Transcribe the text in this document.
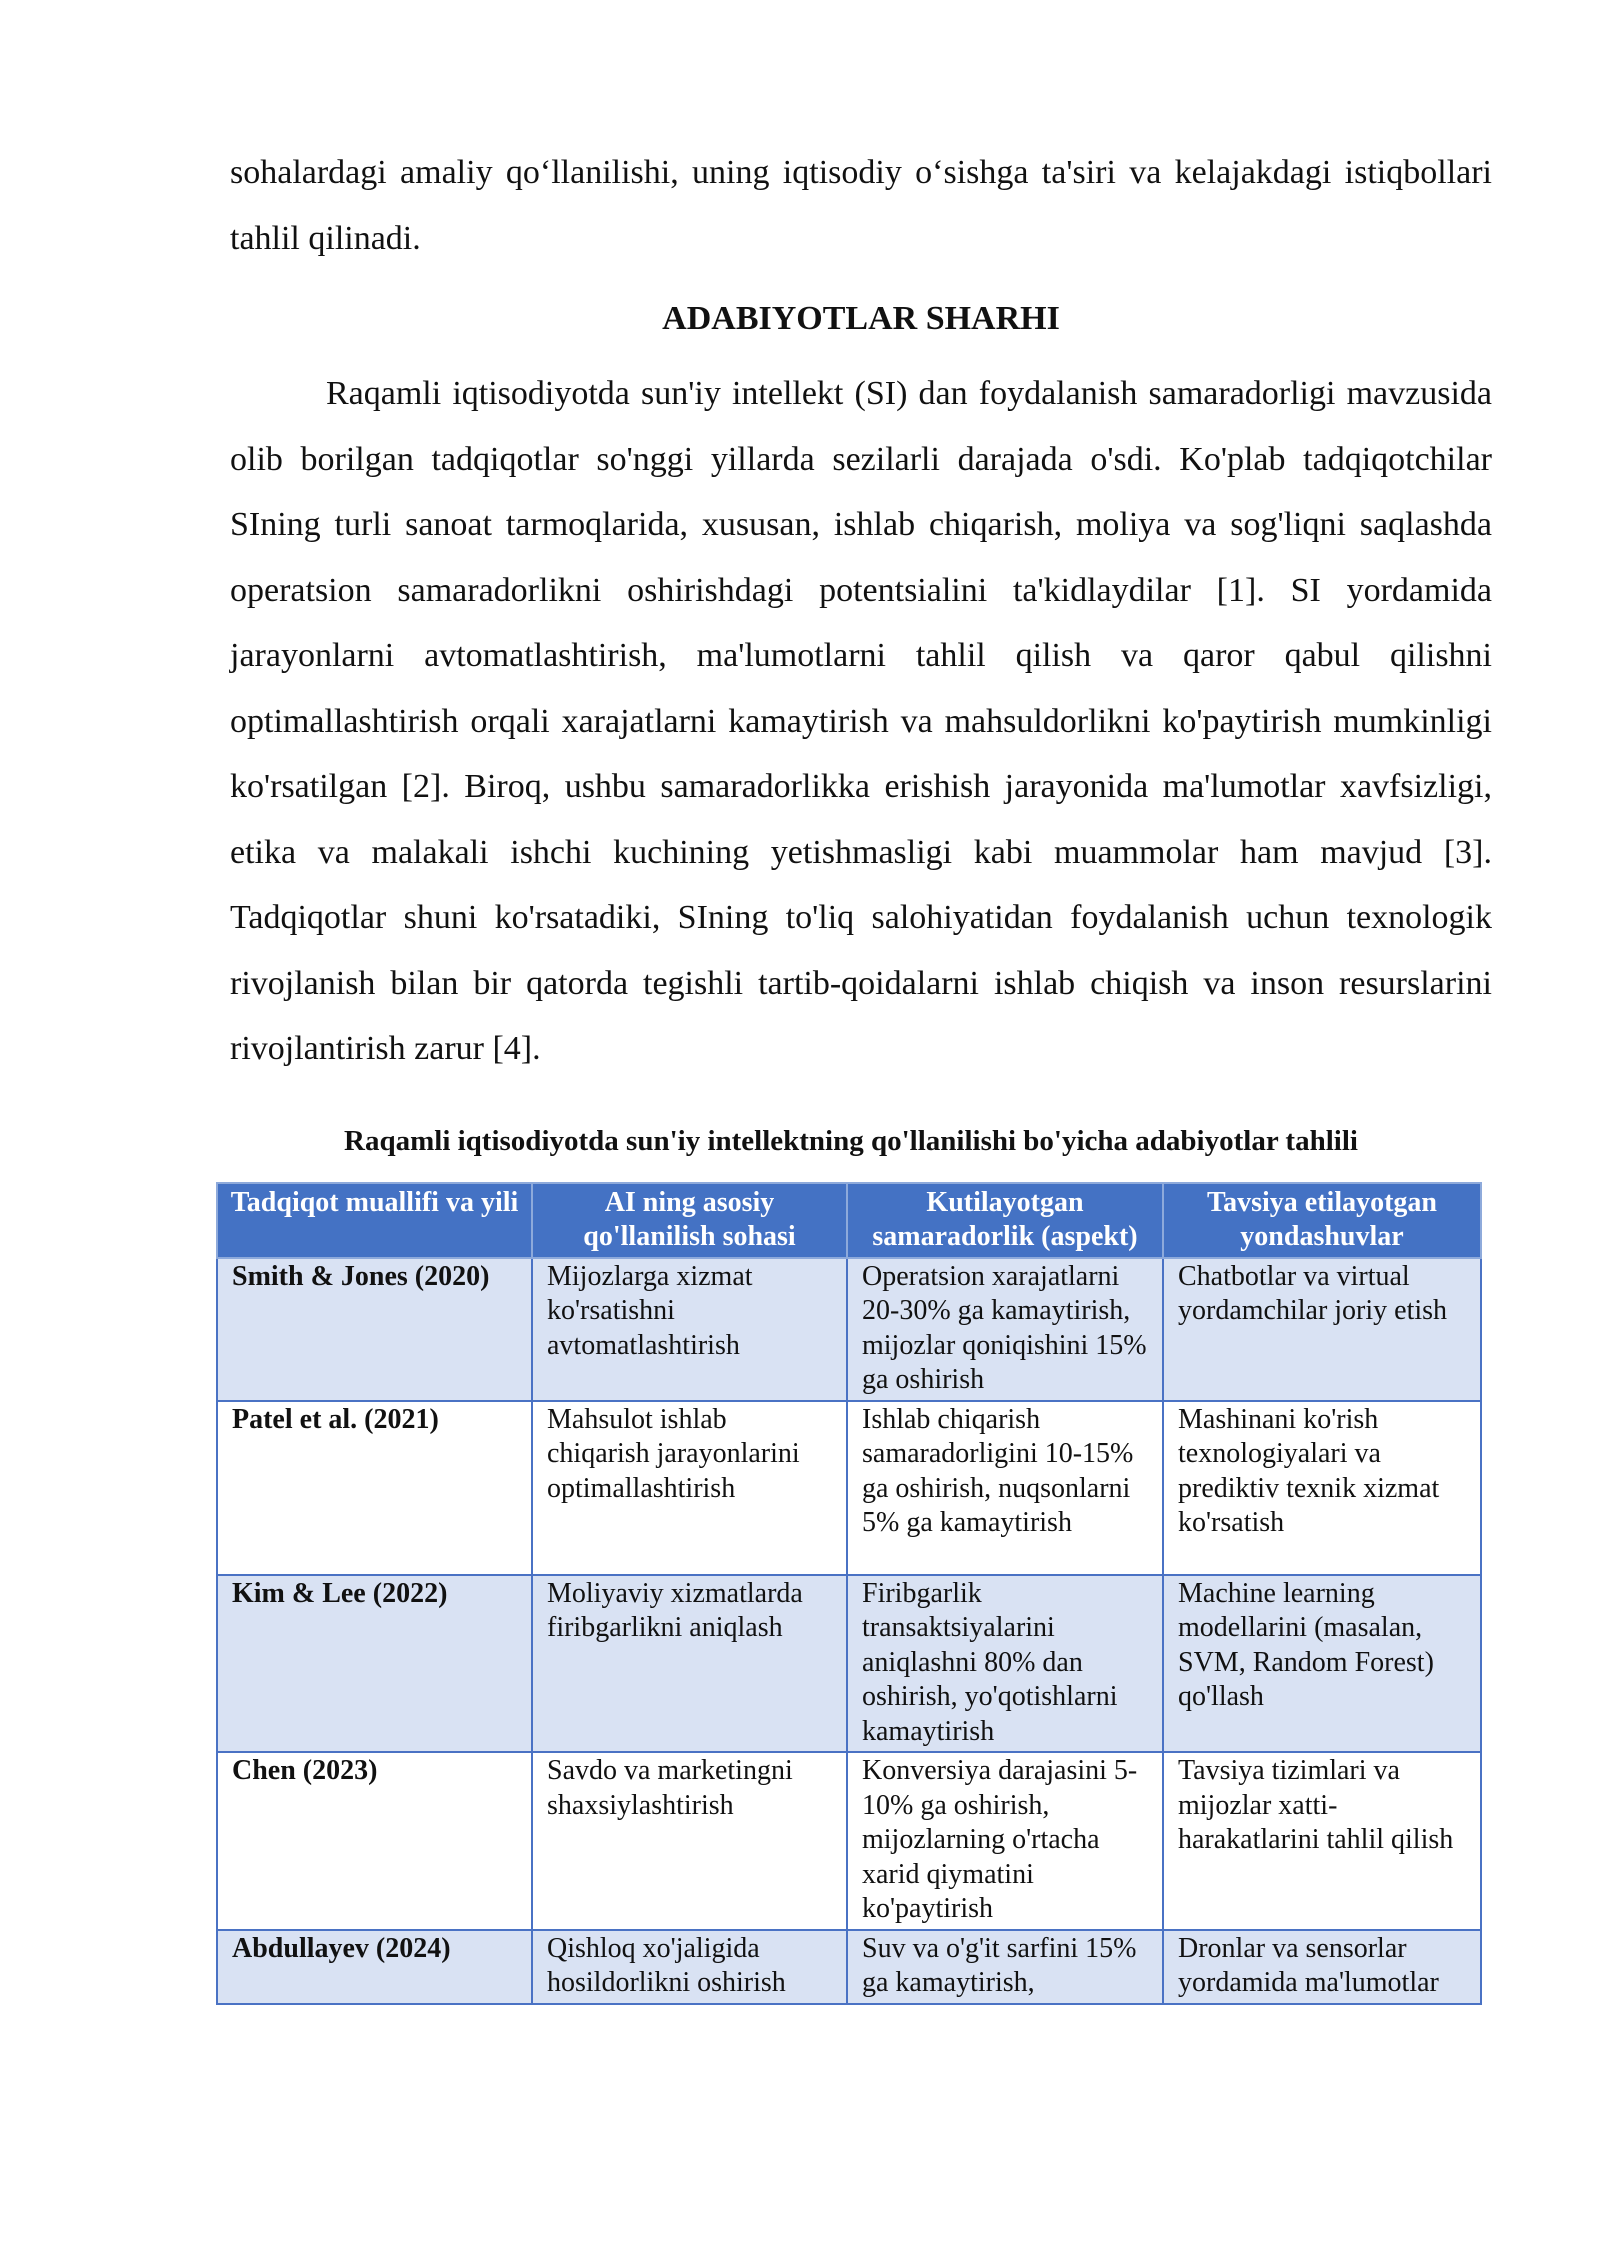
sohalardagi amaliy qo‘llanilishi, uning iqtisodiy o‘sishga ta'siri va kelajakdagi istiqbollari tahlil qilinadi.

ADABIYOTLAR SHARHI

Raqamli iqtisodiyotda sun'iy intellekt (SI) dan foydalanish samaradorligi mavzusida olib borilgan tadqiqotlar so'nggi yillarda sezilarli darajada o'sdi. Ko'plab tadqiqotchilar SIning turli sanoat tarmoqlarida, xususan, ishlab chiqarish, moliya va sog'liqni saqlashda operatsion samaradorlikni oshirishdagi potentsialini ta'kidlaydilar [1]. SI yordamida jarayonlarni avtomatlashtirish, ma'lumotlarni tahlil qilish va qaror qabul qilishni optimallashtirish orqali xarajatlarni kamaytirish va mahsuldorlikni ko'paytirish mumkinligi ko'rsatilgan [2]. Biroq, ushbu samaradorlikka erishish jarayonida ma'lumotlar xavfsizligi, etika va malakali ishchi kuchining yetishmasligi kabi muammolar ham mavjud [3]. Tadqiqotlar shuni ko'rsatadiki, SIning to'liq salohiyatidan foydalanish uchun texnologik rivojlanish bilan bir qatorda tegishli tartib-qoidalarni ishlab chiqish va inson resurslarini rivojlantirish zarur [4].

Raqamli iqtisodiyotda sun'iy intellektning qo'llanilishi bo'yicha adabiyotlar tahlili
Tadqiqot muallifi va yili	AI ning asosiy qo'llanilish sohasi	Kutilayotgan samaradorlik (aspekt)	Tavsiya etilayotgan yondashuvlar
Smith & Jones (2020)	Mijozlarga xizmat ko'rsatishni avtomatlashtirish	Operatsion xarajatlarni 20-30% ga kamaytirish, mijozlar qoniqishini 15% ga oshirish	Chatbotlar va virtual yordamchilar joriy etish
Patel et al. (2021)	Mahsulot ishlab chiqarish jarayonlarini optimallashtirish	Ishlab chiqarish samaradorligini 10-15% ga oshirish, nuqsonlarni 5% ga kamaytirish	Mashinani ko'rish texnologiyalari va prediktiv texnik xizmat ko'rsatish
Kim & Lee (2022)	Moliyaviy xizmatlarda firibgarlikni aniqlash	Firibgarlik transaktsiyalarini aniqlashni 80% dan oshirish, yo'qotishlarni kamaytirish	Machine learning modellarini (masalan, SVM, Random Forest) qo'llash
Chen (2023)	Savdo va marketingni shaxsiylashtirish	Konversiya darajasini 5-10% ga oshirish, mijozlarning o'rtacha xarid qiymatini ko'paytirish	Tavsiya tizimlari va mijozlar xatti-harakatlarini tahlil qilish
Abdullayev (2024)	Qishloq xo'jaligida hosildorlikni oshirish	Suv va o'g'it sarfini 15% ga kamaytirish,	Dronlar va sensorlar yordamida ma'lumotlar
